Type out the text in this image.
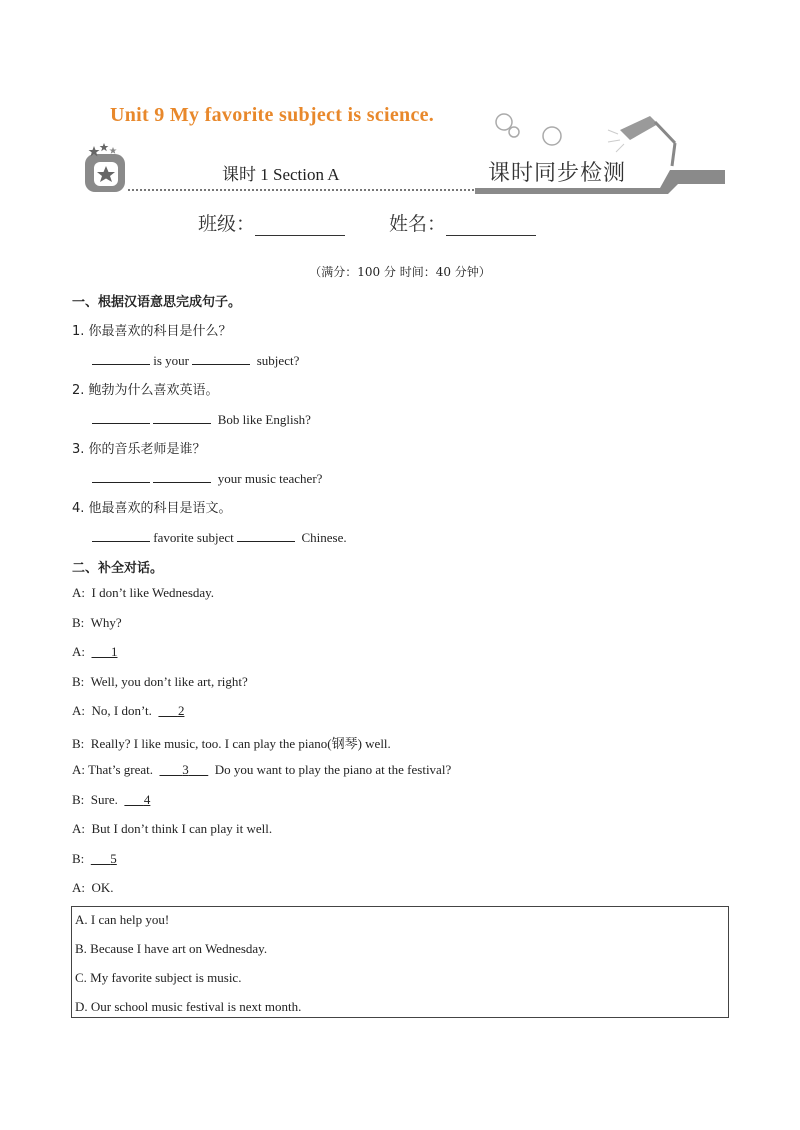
Unit 9 My favorite subject is science.
课时 1 Section A	课时同步检测
班级：	姓名：
（满分：100 分 时间：40 分钟）
一、根据汉语意思完成句子。
1. 你最喜欢的科目是什么？
is your	subject?
2. 鲍勃为什么喜欢英语。
Bob like English?
3. 你的音乐老师是谁？
your music teacher?
4. 他最喜欢的科目是语文。
favorite subject	Chinese.
二、补全对话。
A: I don’t like Wednesday.
B: Why?
A: 1
B: Well, you don’t like art, right?
A: No, I don’t. 2
B: Really? I like music, too. I can play the piano(钢琴) well.
A: That’s great. 3 Do you want to play the piano at the festival?
B: Sure. 4
A: But I don’t think I can play it well.
B: 5
A: OK.
A. I can help you!
B. Because I have art on Wednesday.
C. My favorite subject is music.
D. Our school music festival is next month.
